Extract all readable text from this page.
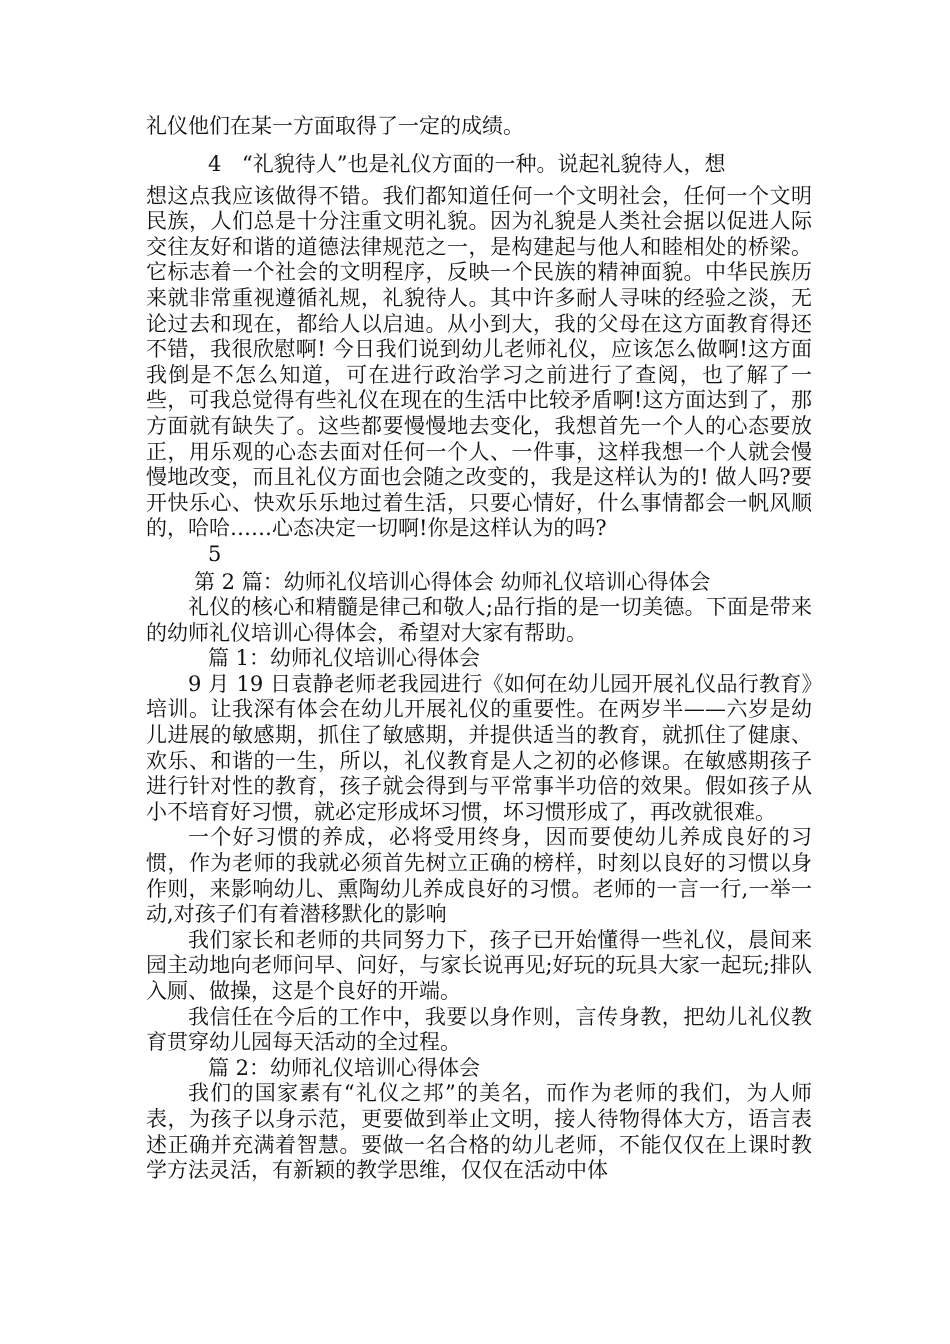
礼仪他们在某一方面取得了一定的成绩。

4 “礼貌待人”也是礼仪方面的一种。说起礼貌待人，想

想这点我应该做得不错。我们都知道任何一个文明社会，任何一个文明民族，人们总是十分注重文明礼貌。因为礼貌是人类社会据以促进人际交往友好和谐的道德法律规范之一，是构建起与他人和睦相处的桥梁。它标志着一个社会的文明程序，反映一个民族的精神面貌。中华民族历来就非常重视遵循礼规，礼貌待人。其中许多耐人寻味的经验之淡，无论过去和现在，都给人以启迪。从小到大，我的父母在这方面教育得还不错，我很欣慰啊! 今日我们说到幼儿老师礼仪，应该怎么做啊!这方面我倒是不怎么知道，可在进行政治学习之前进行了查阅，也了解了一些，可我总觉得有些礼仪在现在的生活中比较矛盾啊!这方面达到了，那方面就有缺失了。这些都要慢慢地去变化，我想首先一个人的心态要放正，用乐观的心态去面对任何一个人、一件事，这样我想一个人就会慢慢地改变，而且礼仪方面也会随之改变的，我是这样认为的! 做人吗?要开快乐心、快欢乐乐地过着生活，只要心情好，什么事情都会一帆风顺的，哈哈……心态决定一切啊!你是这样认为的吗?

5

第 2 篇：幼师礼仪培训心得体会 幼师礼仪培训心得体会

礼仪的核心和精髓是律己和敬人;品行指的是一切美德。下面是带来的幼师礼仪培训心得体会，希望对大家有帮助。

篇 1：幼师礼仪培训心得体会

9 月 19 日袁静老师老我园进行《如何在幼儿园开展礼仪品行教育》培训。让我深有体会在幼儿开展礼仪的重要性。在两岁半——六岁是幼儿进展的敏感期，抓住了敏感期，并提供适当的教育，就抓住了健康、欢乐、和谐的一生，所以，礼仪教育是人之初的必修课。在敏感期孩子进行针对性的教育，孩子就会得到与平常事半功倍的效果。假如孩子从小不培育好习惯，就必定形成坏习惯，坏习惯形成了，再改就很难。

一个好习惯的养成，必将受用终身，因而要使幼儿养成良好的习惯，作为老师的我就必须首先树立正确的榜样，时刻以良好的习惯以身作则，来影响幼儿、熏陶幼儿养成良好的习惯。老师的一言一行,一举一动,对孩子们有着潜移默化的影响

我们家长和老师的共同努力下，孩子已开始懂得一些礼仪，晨间来园主动地向老师问早、问好，与家长说再见;好玩的玩具大家一起玩;排队入厕、做操，这是个良好的开端。

我信任在今后的工作中，我要以身作则，言传身教，把幼儿礼仪教育贯穿幼儿园每天活动的全过程。

篇 2：幼师礼仪培训心得体会

我们的国家素有“礼仪之邦”的美名，而作为老师的我们，为人师表，为孩子以身示范，更要做到举止文明，接人待物得体大方，语言表述正确并充满着智慧。要做一名合格的幼儿老师，不能仅仅在上课时教学方法灵活，有新颖的教学思维，仅仅在活动中体
